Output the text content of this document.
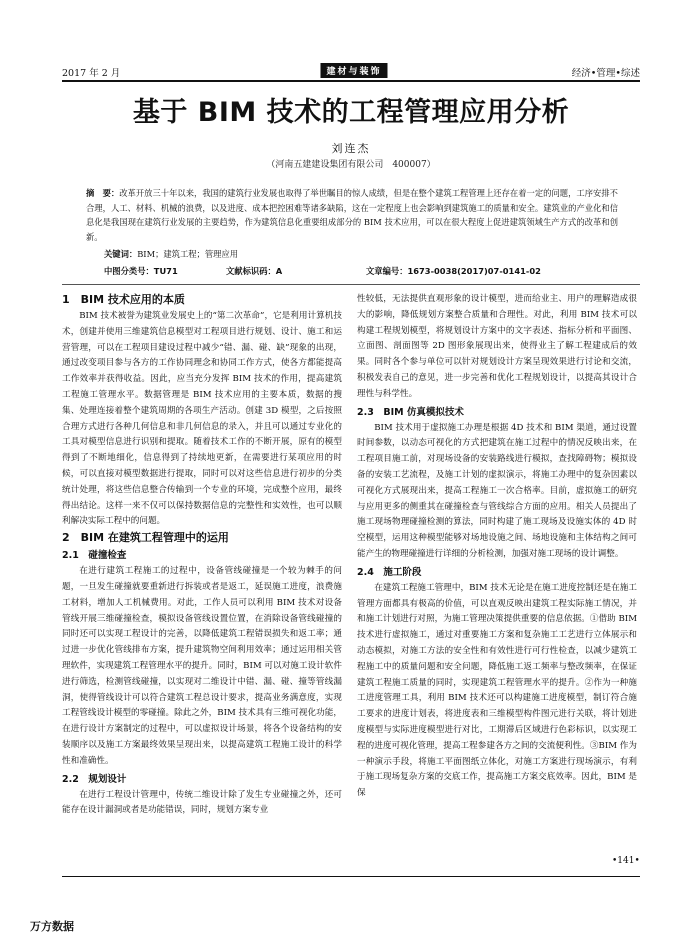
2017 年 2 月	建材与装饰	经济•管理•综述
基于 BIM 技术的工程管理应用分析
刘连杰
（河南五建建设集团有限公司　400007）
摘　要：改革开放三十年以来，我国的建筑行业发展也取得了举世瞩目的惊人成绩，但是在整个建筑工程管理上还存在着一定的问题，工序安排不合理，人工、材料、机械的浪费，以及进度、成本把控困难等诸多缺陷，这在一定程度上也会影响到建筑施工的质量和安全。建筑业的产业化和信息化是我国现在建筑行业发展的主要趋势，作为建筑信息化重要组成部分的 BIM 技术应用，可以在很大程度上促进建筑领域生产方式的改革和创新。
关键词：BIM；建筑工程；管理应用
中图分类号：TU71	文献标识码：A	文章编号：1673-0038(2017)07-0141-02
1　BIM 技术应用的本质

BIM 技术被誉为建筑业发展史上的“第二次革命”，它是利用计算机技术，创建并使用三维建筑信息模型对工程项目进行规划、设计、施工和运营管理，可以在工程项目建设过程中减少“错、漏、碰、缺”现象的出现，通过改变项目参与各方的工作协同理念和协同工作方式，使各方都能提高工作效率并获得收益。因此，应当充分发挥 BIM 技术的作用，提高建筑工程施工管理水平。数据管理是 BIM 技术应用的主要本质，数据的搜集、处理连接着整个建筑周期的各项生产活动。创建 3D 模型，之后按照合理方式进行各种几何信息和非几何信息的录入，并且可以通过专业化的工具对模型信息进行识别和提取。随着技术工作的不断开展，原有的模型得到了不断地细化，信息得到了持续地更新，在需要进行某项应用的时候，可以直接对模型数据进行提取，同时可以对这些信息进行初步的分类统计处理，将这些信息整合传输到一个专业的环境，完成整个应用，最终得出结论。这样一来不仅可以保持数据信息的完整性和实效性，也可以顺利解决实际工程中的问题。

2　BIM 在建筑工程管理中的运用
2.1　碰撞检查

在进行建筑工程施工的过程中，设备管线碰撞是一个较为棘手的问题，一旦发生碰撞就要重新进行拆装或者是返工，延误施工进度，浪费施工材料，增加人工机械费用。对此，工作人员可以利用 BIM 技术对设备管线开展三维碰撞检查，模拟设备管线设置位置，在消除设备管线碰撞的同时还可以实现工程设计的完善，以降低建筑工程错误损失和返工率；通过进一步优化管线排布方案，提升建筑物空间利用效率；通过运用相关管理软件，实现建筑工程管理水平的提升。同时，BIM 可以对施工设计软件进行筛选，检测管线碰撞，以实现对二维设计中错、漏、碰、撞等管线漏洞，使得管线设计可以符合建筑工程总设计要求，提高业务满意度，实现工程管线设计模型的零碰撞。除此之外，BIM 技术具有三维可视化功能，在进行设计方案制定的过程中，可以虚拟设计场景，将各个设备结构的安装顺序以及施工方案最终效果呈现出来，以提高建筑工程施工设计的科学性和准确性。

2.2　规划设计

在进行工程设计管理中，传统二维设计除了发生专业碰撞之外，还可能存在设计漏洞或者是功能错误，同时，规划方案专业

性较低，无法提供直观形象的设计模型，进而给业主、用户的理解造成很大的影响，降低规划方案整合质量和合理性。对此，利用 BIM 技术可以构建工程规划模型，将规划设计方案中的文字表述、指标分析和平面图、立面图、剖面图等 2D 图形象展现出来，使得业主了解工程建成后的效果。同时各个参与单位可以针对规划设计方案呈现效果进行讨论和交流，积极发表自己的意见，进一步完善和优化工程规划设计，以提高其设计合理性与科学性。

2.3　BIM 仿真模拟技术

BIM 技术用于虚拟施工办理是根据 4D 技术和 BIM 渠道，通过设置时间参数，以动态可视化的方式把建筑在施工过程中的情况反映出来，在工程项目施工前，对现场设备的安装路线进行模拟，查找障碍物；模拟设备的安装工艺流程，及施工计划的虚拟演示，将施工办理中的复杂因素以可视化方式展现出来，提高工程施工一次合格率。目前，虚拟施工的研究与应用更多的侧重其在碰撞检查与管线综合方面的应用。相关人员提出了施工现场物理碰撞检测的算法，同时构建了施工现场及设施实体的 4D 时空模型，运用这种模型能够对场地设施之间、场地设施和主体结构之间可能产生的物理碰撞进行详细的分析检测，加强对施工现场的设计调整。

2.4　施工阶段

在建筑工程施工管理中，BIM 技术无论是在施工进度控制还是在施工管理方面都具有极高的价值，可以直观反映出建筑工程实际施工情况，并和施工计划进行对照，为施工管理决策提供重要的信息依据。①借助 BIM 技术进行虚拟施工，通过对重要施工方案和复杂施工工艺进行立体展示和动态模拟，对施工方法的安全性和有效性进行可行性检查，以减少建筑工程施工中的质量问题和安全问题，降低施工返工频率与整改频率，在保证建筑工程施工质量的同时，实现建筑工程管理水平的提升。②作为一种施工进度管理工具，利用 BIM 技术还可以构建施工进度模型，制订符合施工要求的进度计划表，将进度表和三维模型构件图元进行关联，将计划进度模型与实际进度模型进行对比，工期滞后区域进行色彩标识，以实现工程的进度可视化管理，提高工程参建各方之间的交流便利性。③BIM 作为一种演示手段，将施工平面图纸立体化，对施工方案进行现场演示，有利于施工现场复杂方案的交底工作，提高施工方案交底效率。因此，BIM 是保

•141•
万方数据
